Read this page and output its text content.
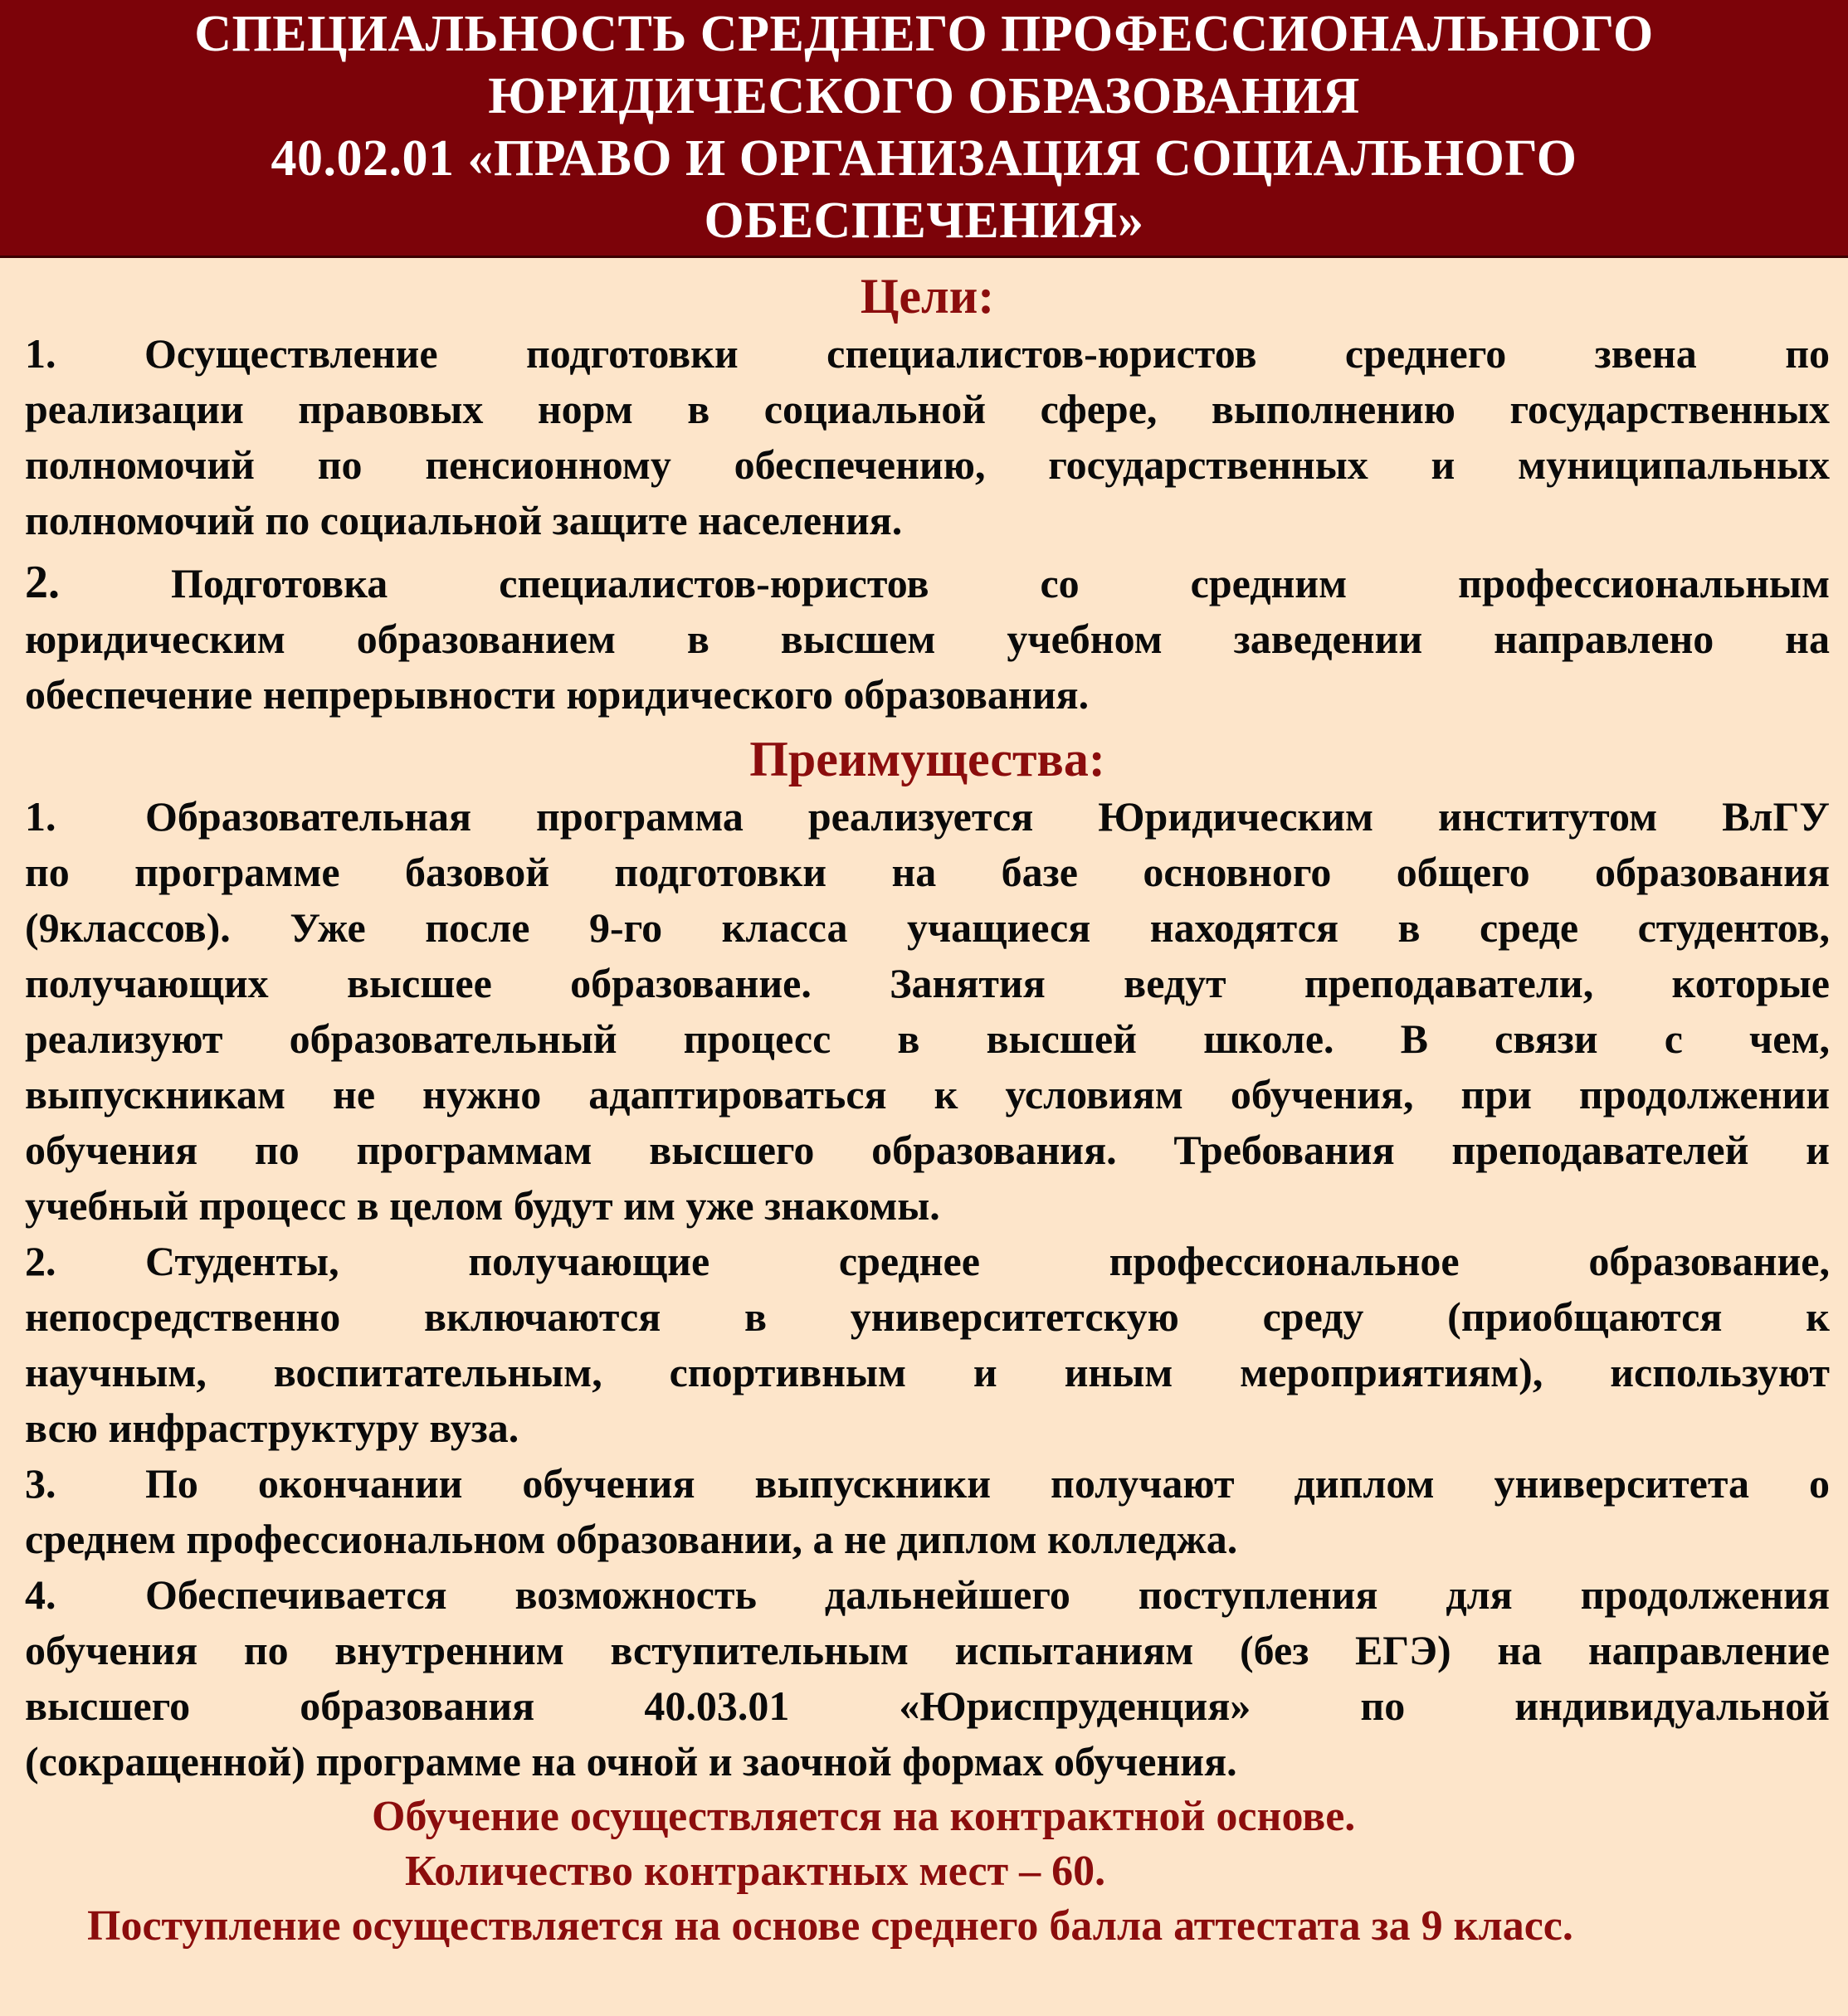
СПЕЦИАЛЬНОСТЬ СРЕДНЕГО ПРОФЕССИОНАЛЬНОГО
ЮРИДИЧЕСКОГО ОБРАЗОВАНИЯ
40.02.01 «ПРАВО И ОРГАНИЗАЦИЯ СОЦИАЛЬНОГО
ОБЕСПЕЧЕНИЯ»
Цели:
1. Осуществление подготовки специалистов-юристов среднего звена по
реализации правовых норм в социальной сфере, выполнению государственных
полномочий по пенсионному обеспечению, государственных и муниципальных
полномочий по социальной защите населения.
2.	Подготовка специалистов-юристов со средним профессиональным
юридическим образованием в высшем учебном заведении направлено на
обеспечение непрерывности юридического образования.
Преимущества:
1. Образовательная программа реализуется Юридическим институтом ВлГУ
по программе базовой подготовки на базе основного общего образования
(9классов). Уже после 9-го класса учащиеся находятся в среде студентов,
получающих высшее образование. Занятия ведут преподаватели, которые
реализуют образовательный процесс в высшей школе. В связи с чем,
выпускникам не нужно адаптироваться к условиям обучения, при продолжении
обучения по программам высшего образования. Требования преподавателей и
учебный процесс в целом будут им уже знакомы.
2. Студенты, получающие среднее профессиональное образование,
непосредственно включаются в университетскую среду (приобщаются к
научным, воспитательным, спортивным и иным мероприятиям), используют
всю инфраструктуру вуза.
3. По окончании обучения выпускники получают диплом университета о
среднем профессиональном образовании, а не диплом колледжа.
4. Обеспечивается возможность дальнейшего поступления для продолжения
обучения по внутренним вступительным испытаниям (без ЕГЭ) на направление
высшего образования 40.03.01 «Юриспруденция» по индивидуальной
(сокращенной) программе на очной и заочной формах обучения.
Обучение осуществляется на контрактной основе.
Количество контрактных мест – 60.
Поступление осуществляется на основе среднего балла аттестата за 9 класс.
